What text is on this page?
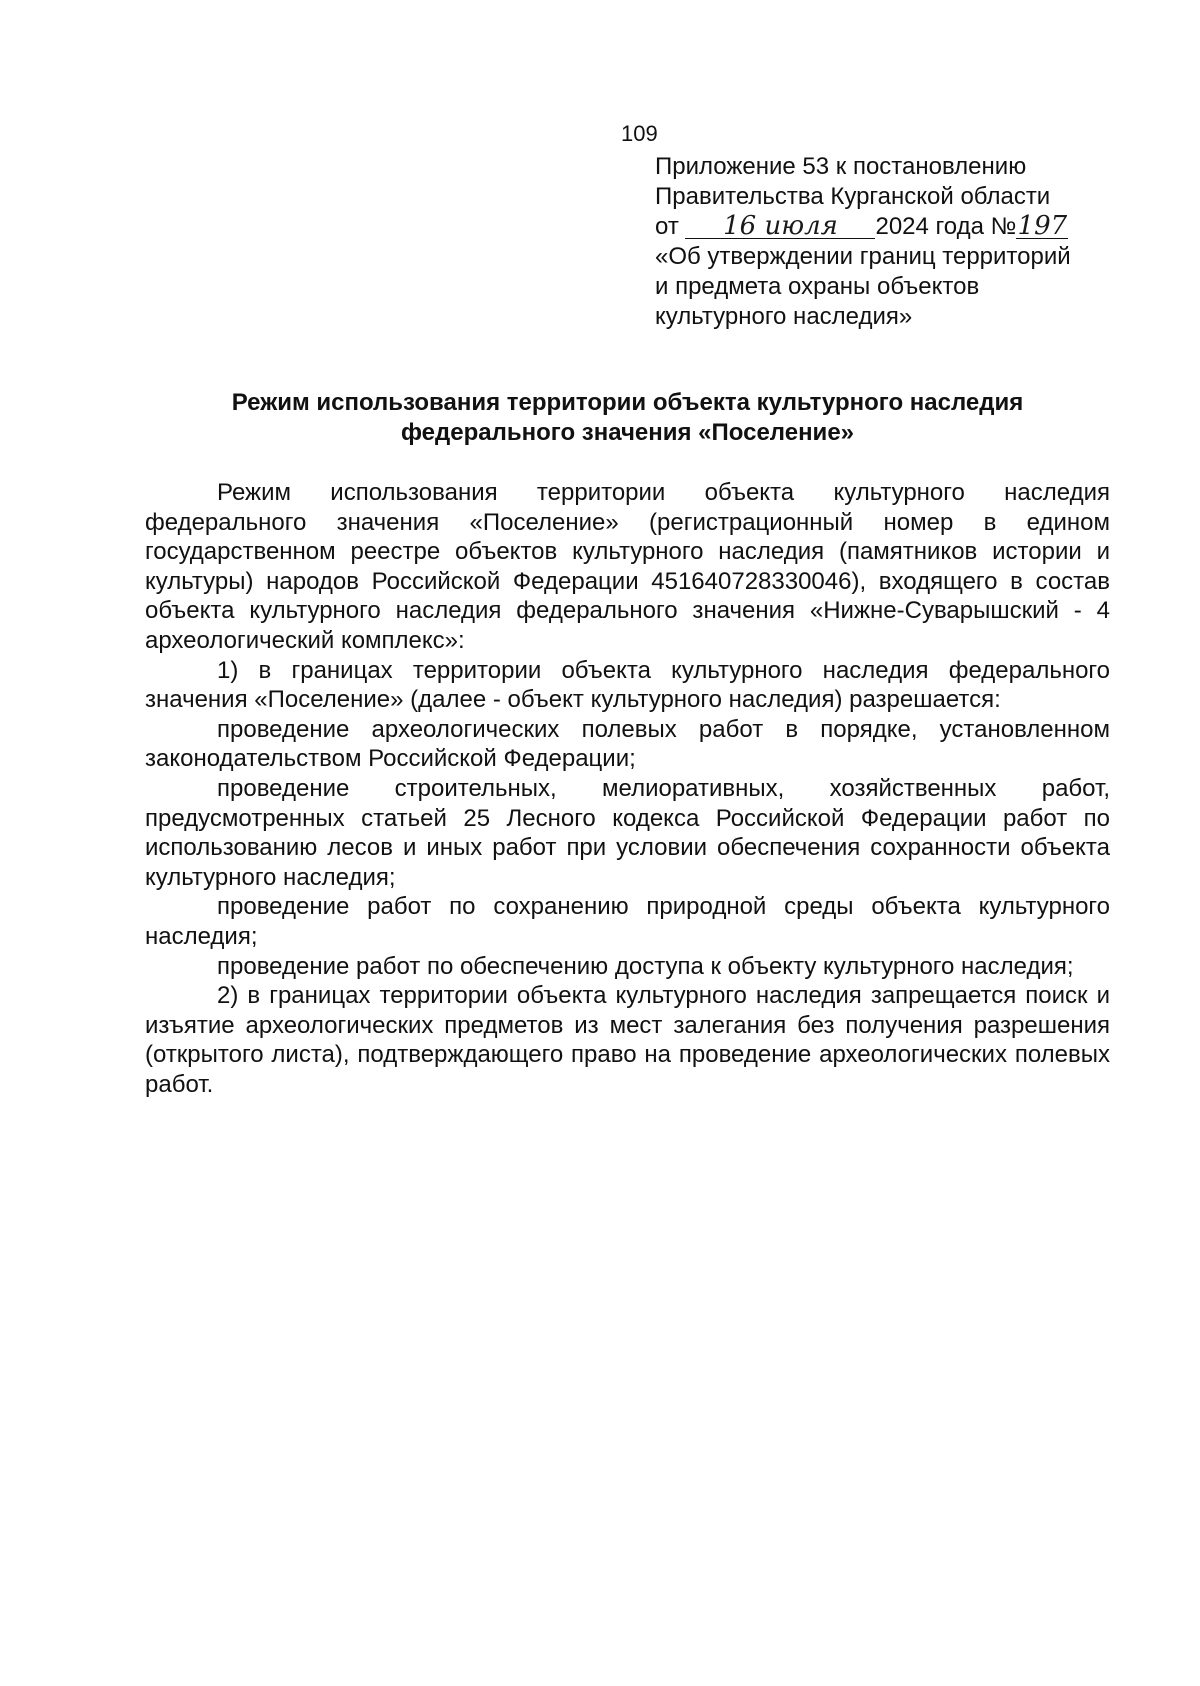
109
Приложение 53 к постановлению
Правительства Курганской области
от 16 июля 2024 года №197
«Об утверждении границ территорий
и предмета охраны объектов
культурного наследия»
Режим использования территории объекта культурного наследия
федерального значения «Поселение»

Режим использования территории объекта культурного наследия федерального значения «Поселение» (регистрационный номер в едином государственном реестре объектов культурного наследия (памятников истории и культуры) народов Российской Федерации 451640728330046), входящего в состав объекта культурного наследия федерального значения «Нижне-Суварышский - 4 археологический комплекс»:

1) в границах территории объекта культурного наследия федерального значения «Поселение» (далее - объект культурного наследия) разрешается:

проведение археологических полевых работ в порядке, установленном законодательством Российской Федерации;

проведение строительных, мелиоративных, хозяйственных работ, предусмотренных статьей 25 Лесного кодекса Российской Федерации работ по использованию лесов и иных работ при условии обеспечения сохранности объекта культурного наследия;

проведение работ по сохранению природной среды объекта культурного наследия;

проведение работ по обеспечению доступа к объекту культурного наследия;

2) в границах территории объекта культурного наследия запрещается поиск и изъятие археологических предметов из мест залегания без получения разрешения (открытого листа), подтверждающего право на проведение археологических полевых работ.
